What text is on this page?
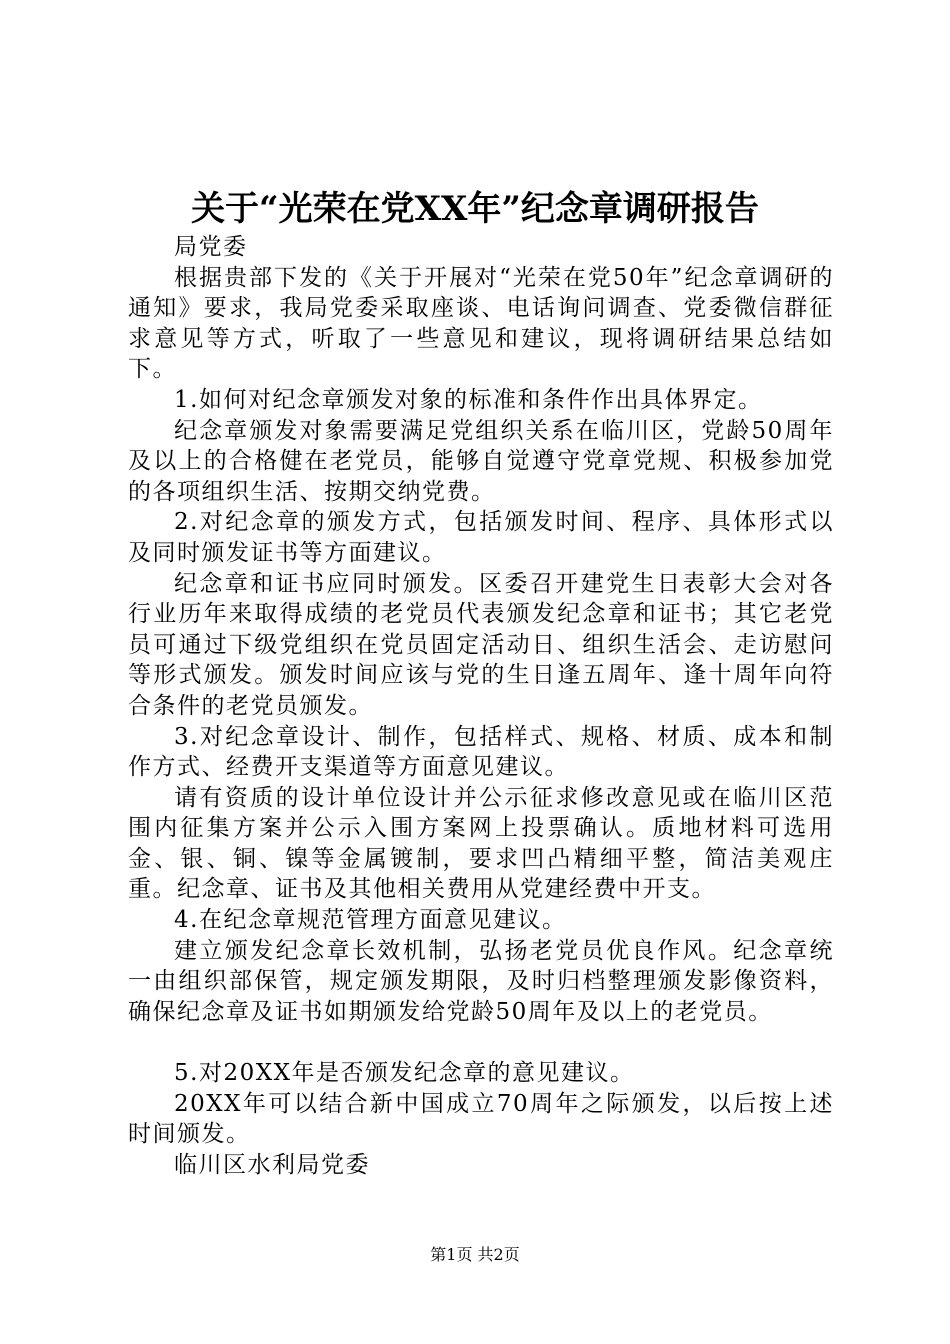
关于“光荣在党XX年”纪念章调研报告

局党委

根据贵部下发的《关于开展对“光荣在党50年”纪念章调研的通知》要求，我局党委采取座谈、电话询问调查、党委微信群征求意见等方式，听取了一些意见和建议，现将调研结果总结如下。

1.如何对纪念章颁发对象的标准和条件作出具体界定。

纪念章颁发对象需要满足党组织关系在临川区，党龄50周年及以上的合格健在老党员，能够自觉遵守党章党规、积极参加党的各项组织生活、按期交纳党费。

2.对纪念章的颁发方式，包括颁发时间、程序、具体形式以及同时颁发证书等方面建议。

纪念章和证书应同时颁发。区委召开建党生日表彰大会对各行业历年来取得成绩的老党员代表颁发纪念章和证书；其它老党员可通过下级党组织在党员固定活动日、组织生活会、走访慰问等形式颁发。颁发时间应该与党的生日逢五周年、逢十周年向符合条件的老党员颁发。

3.对纪念章设计、制作，包括样式、规格、材质、成本和制作方式、经费开支渠道等方面意见建议。

请有资质的设计单位设计并公示征求修改意见或在临川区范围内征集方案并公示入围方案网上投票确认。质地材料可选用金、银、铜、镍等金属镀制，要求凹凸精细平整，简洁美观庄重。纪念章、证书及其他相关费用从党建经费中开支。

4.在纪念章规范管理方面意见建议。

建立颁发纪念章长效机制，弘扬老党员优良作风。纪念章统一由组织部保管，规定颁发期限，及时归档整理颁发影像资料，确保纪念章及证书如期颁发给党龄50周年及以上的老党员。

5.对20XX年是否颁发纪念章的意见建议。

20XX年可以结合新中国成立70周年之际颁发，以后按上述时间颁发。

临川区水利局党委

第1页 共2页
